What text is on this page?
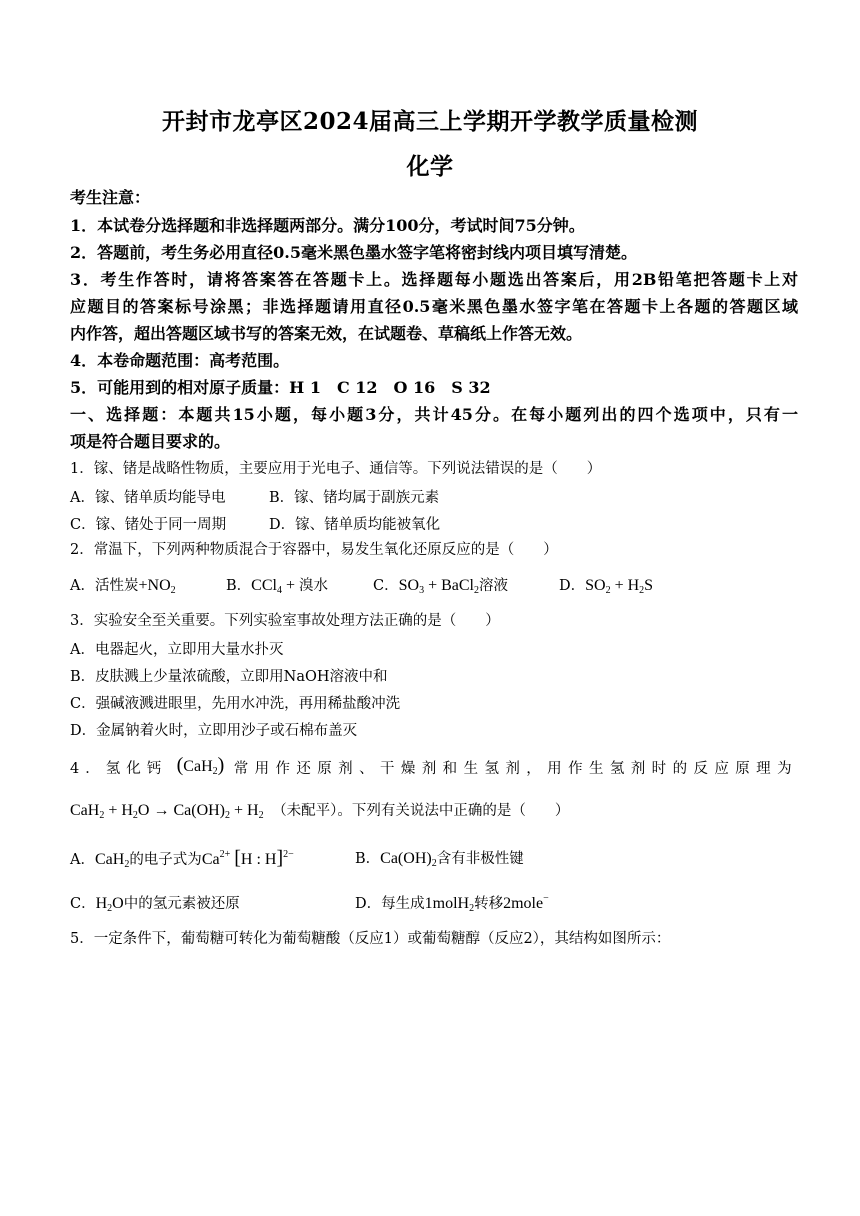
开封市龙亭区2024届高三上学期开学教学质量检测
化学
考生注意：
1．本试卷分选择题和非选择题两部分。满分100分，考试时间75分钟。
2．答题前，考生务必用直径0.5毫米黑色墨水签字笔将密封线内项目填写清楚。
3．考生作答时，请将答案答在答题卡上。选择题每小题选出答案后，用2B铅笔把答题卡上对
应题目的答案标号涂黑；非选择题请用直径0.5毫米黑色墨水签字笔在答题卡上各题的答题区域
内作答，超出答题区域书写的答案无效，在试题卷、草稿纸上作答无效。
4．本卷命题范围：高考范围。
5．可能用到的相对原子质量：H 1　C 12　O 16　S 32
一、选择题：本题共15小题，每小题3分，共计45分。在每小题列出的四个选项中，只有一
项是符合题目要求的。
1．镓、锗是战略性物质，主要应用于光电子、通信等。下列说法错误的是（　　）
A．镓、锗单质均能导电	B．镓、锗均属于副族元素
C．镓、锗处于同一周期	D．镓、锗单质均能被氧化
2．常温下，下列两种物质混合于容器中，易发生氧化还原反应的是（　　）
A．活性炭$+NO_2$	B．CCl$_4$ + 溴水	C．$SO_3$ + BaCl$_2$溶液	D．$SO_2 + H_2S$
3．实验安全至关重要。下列实验室事故处理方法正确的是（　　）
A．电器起火，立即用大量水扑灭
B．皮肤溅上少量浓硫酸，立即用NaOH溶液中和
C．强碱液溅进眼里，先用水冲洗，再用稀盐酸冲洗
D．金属钠着火时，立即用沙子或石棉布盖灭
4．氢化钙 (CaH$_2$) 常用作还原剂、干燥剂和生氢剂，用作生氢剂时的反应原理为
$CaH_2 + H_2O \to Ca(OH)_2 + H_2$ （未配平）。下列有关说法中正确的是（　　）
A．CaH$_2$的电子式为$Ca^{2+}$ [H : H]$^{2-}$	B．$Ca(OH)_2$含有非极性键
C．$H_2O$中的氢元素被还原	D．每生成1molH$_2$转移2mole−
5．一定条件下，葡萄糖可转化为葡萄糖酸（反应1）或葡萄糖醇（反应2），其结构如图所示：
